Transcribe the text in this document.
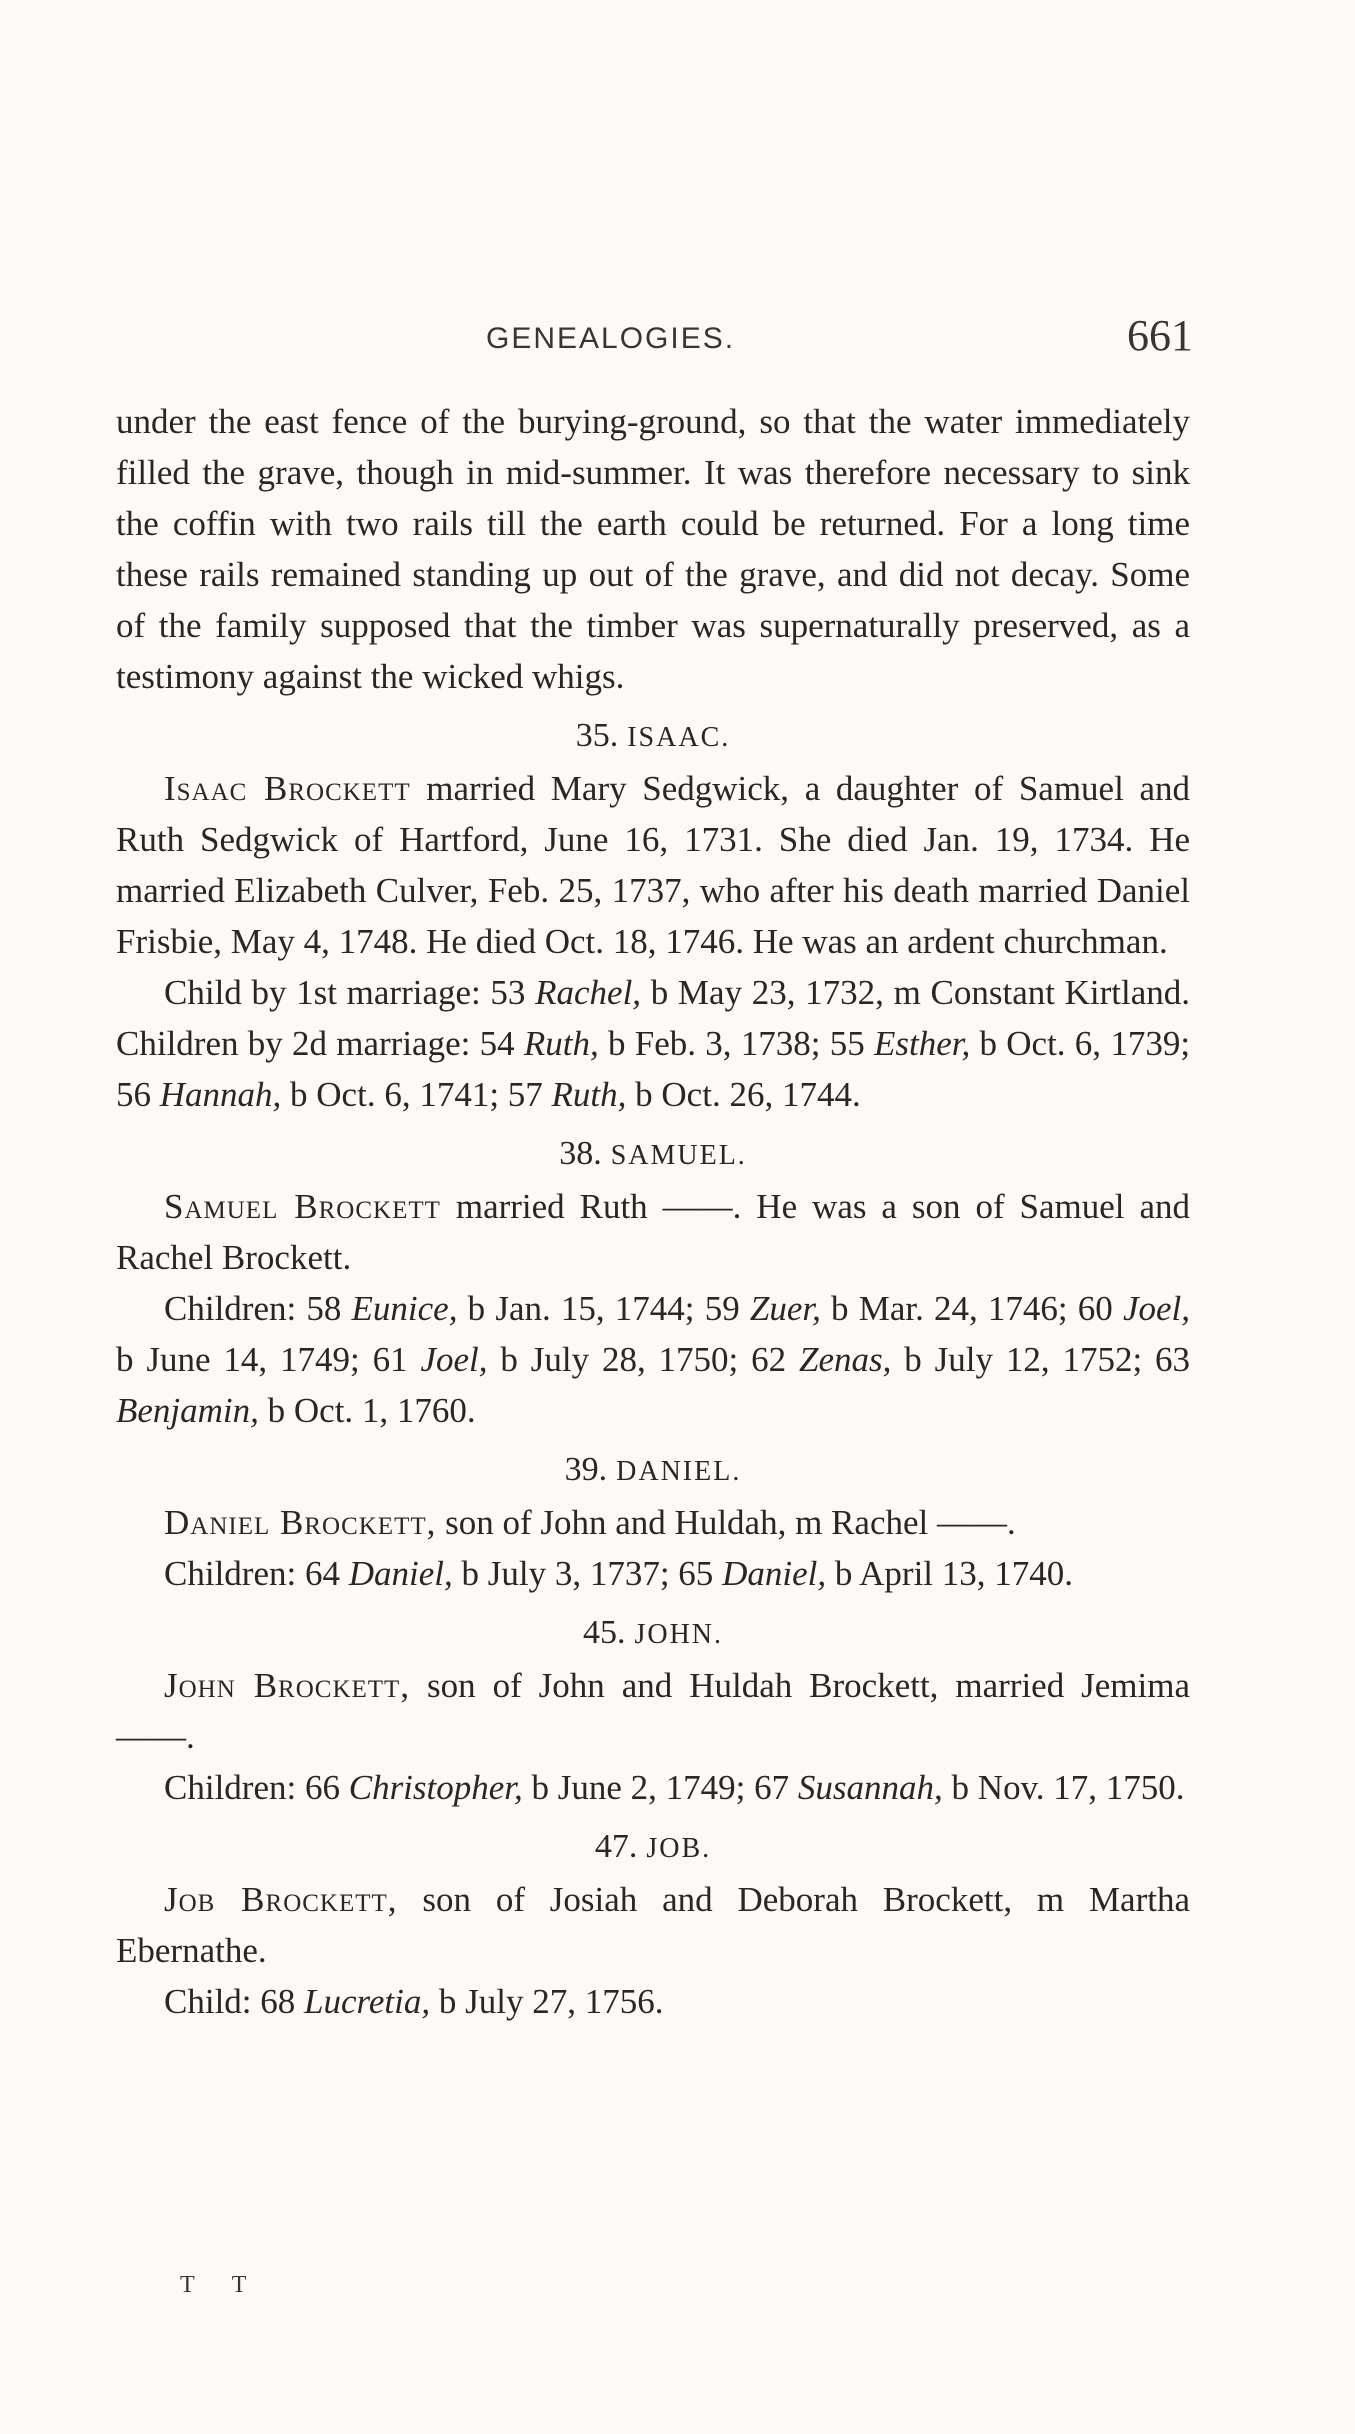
GENEALOGIES.	661

under the east fence of the burying-ground, so that the water immediately filled the grave, though in mid-summer. It was therefore necessary to sink the coffin with two rails till the earth could be returned. For a long time these rails remained standing up out of the grave, and did not decay. Some of the family supposed that the timber was supernaturally preserved, as a testimony against the wicked whigs.

35. ISAAC.

Isaac Brockett married Mary Sedgwick, a daughter of Samuel and Ruth Sedgwick of Hartford, June 16, 1731. She died Jan. 19, 1734. He married Elizabeth Culver, Feb. 25, 1737, who after his death married Daniel Frisbie, May 4, 1748. He died Oct. 18, 1746. He was an ardent churchman.

Child by 1st marriage: 53 Rachel, b May 23, 1732, m Constant Kirtland. Children by 2d marriage: 54 Ruth, b Feb. 3, 1738; 55 Esther, b Oct. 6, 1739; 56 Hannah, b Oct. 6, 1741; 57 Ruth, b Oct. 26, 1744.

38. SAMUEL.

Samuel Brockett married Ruth ——. He was a son of Samuel and Rachel Brockett.

Children: 58 Eunice, b Jan. 15, 1744; 59 Zuer, b Mar. 24, 1746; 60 Joel, b June 14, 1749; 61 Joel, b July 28, 1750; 62 Zenas, b July 12, 1752; 63 Benjamin, b Oct. 1, 1760.

39. DANIEL.

Daniel Brockett, son of John and Huldah, m Rachel ——.

Children: 64 Daniel, b July 3, 1737; 65 Daniel, b April 13, 1740.

45. JOHN.

John Brockett, son of John and Huldah Brockett, married Jemima ——.

Children: 66 Christopher, b June 2, 1749; 67 Susannah, b Nov. 17, 1750.

47. JOB.

Job Brockett, son of Josiah and Deborah Brockett, m Martha Ebernathe.

Child: 68 Lucretia, b July 27, 1756.

T T
